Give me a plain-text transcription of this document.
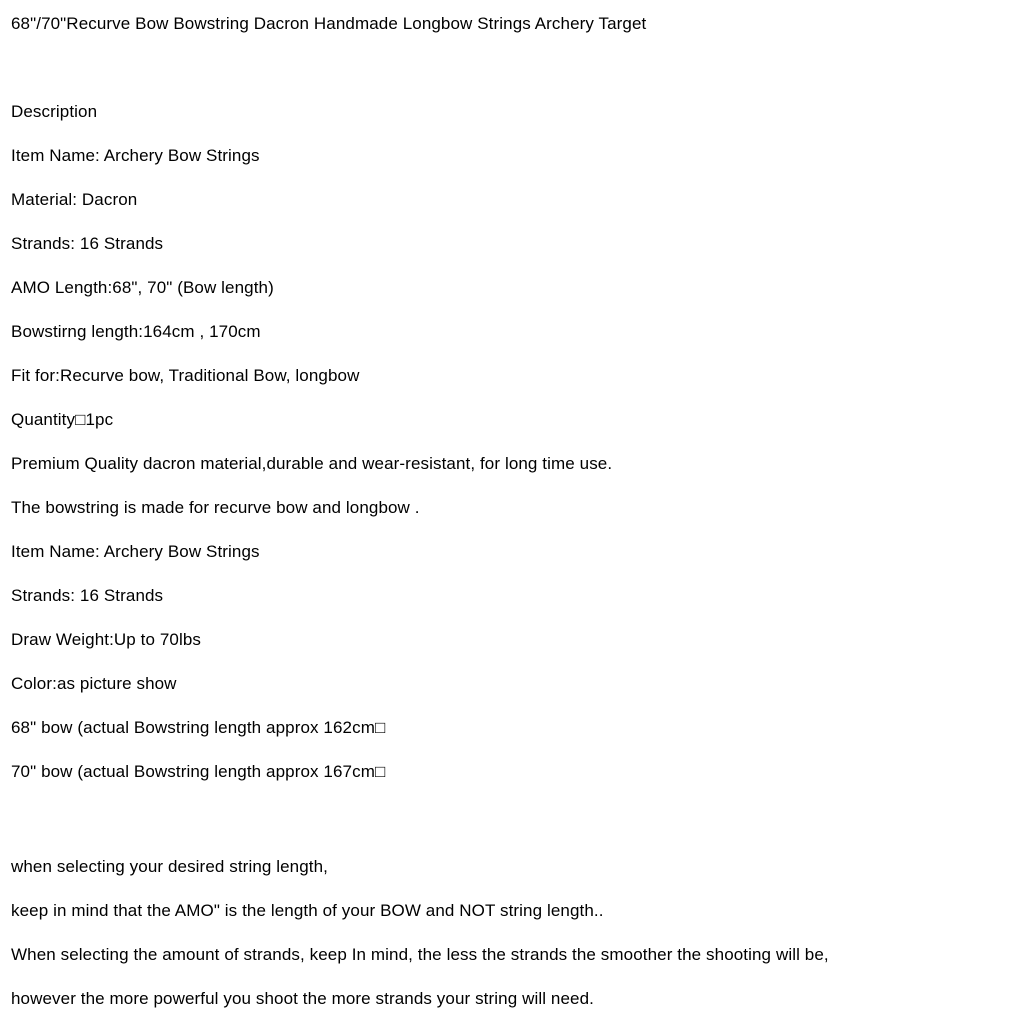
68"/70"Recurve Bow Bowstring Dacron Handmade Longbow Strings Archery Target

Description

Item Name: Archery Bow Strings

Material: Dacron

Strands: 16 Strands

AMO Length:68", 70" (Bow length)

Bowstirng length:164cm , 170cm

Fit for:Recurve bow, Traditional Bow, longbow

Quantity□1pc

Premium Quality dacron material,durable and wear-resistant, for long time use.

The bowstring is made for recurve bow and longbow .

Item Name: Archery Bow Strings

Strands: 16 Strands

Draw Weight:Up to 70lbs

Color:as picture show

68" bow (actual Bowstring length approx 162cm□

70" bow (actual Bowstring length approx 167cm□

when selecting your desired string length,

keep in mind that the AMO" is the length of your BOW and NOT string length..

When selecting the amount of strands, keep In mind, the less the strands the smoother the shooting will be,

however the more powerful you shoot the more strands your string will need.
